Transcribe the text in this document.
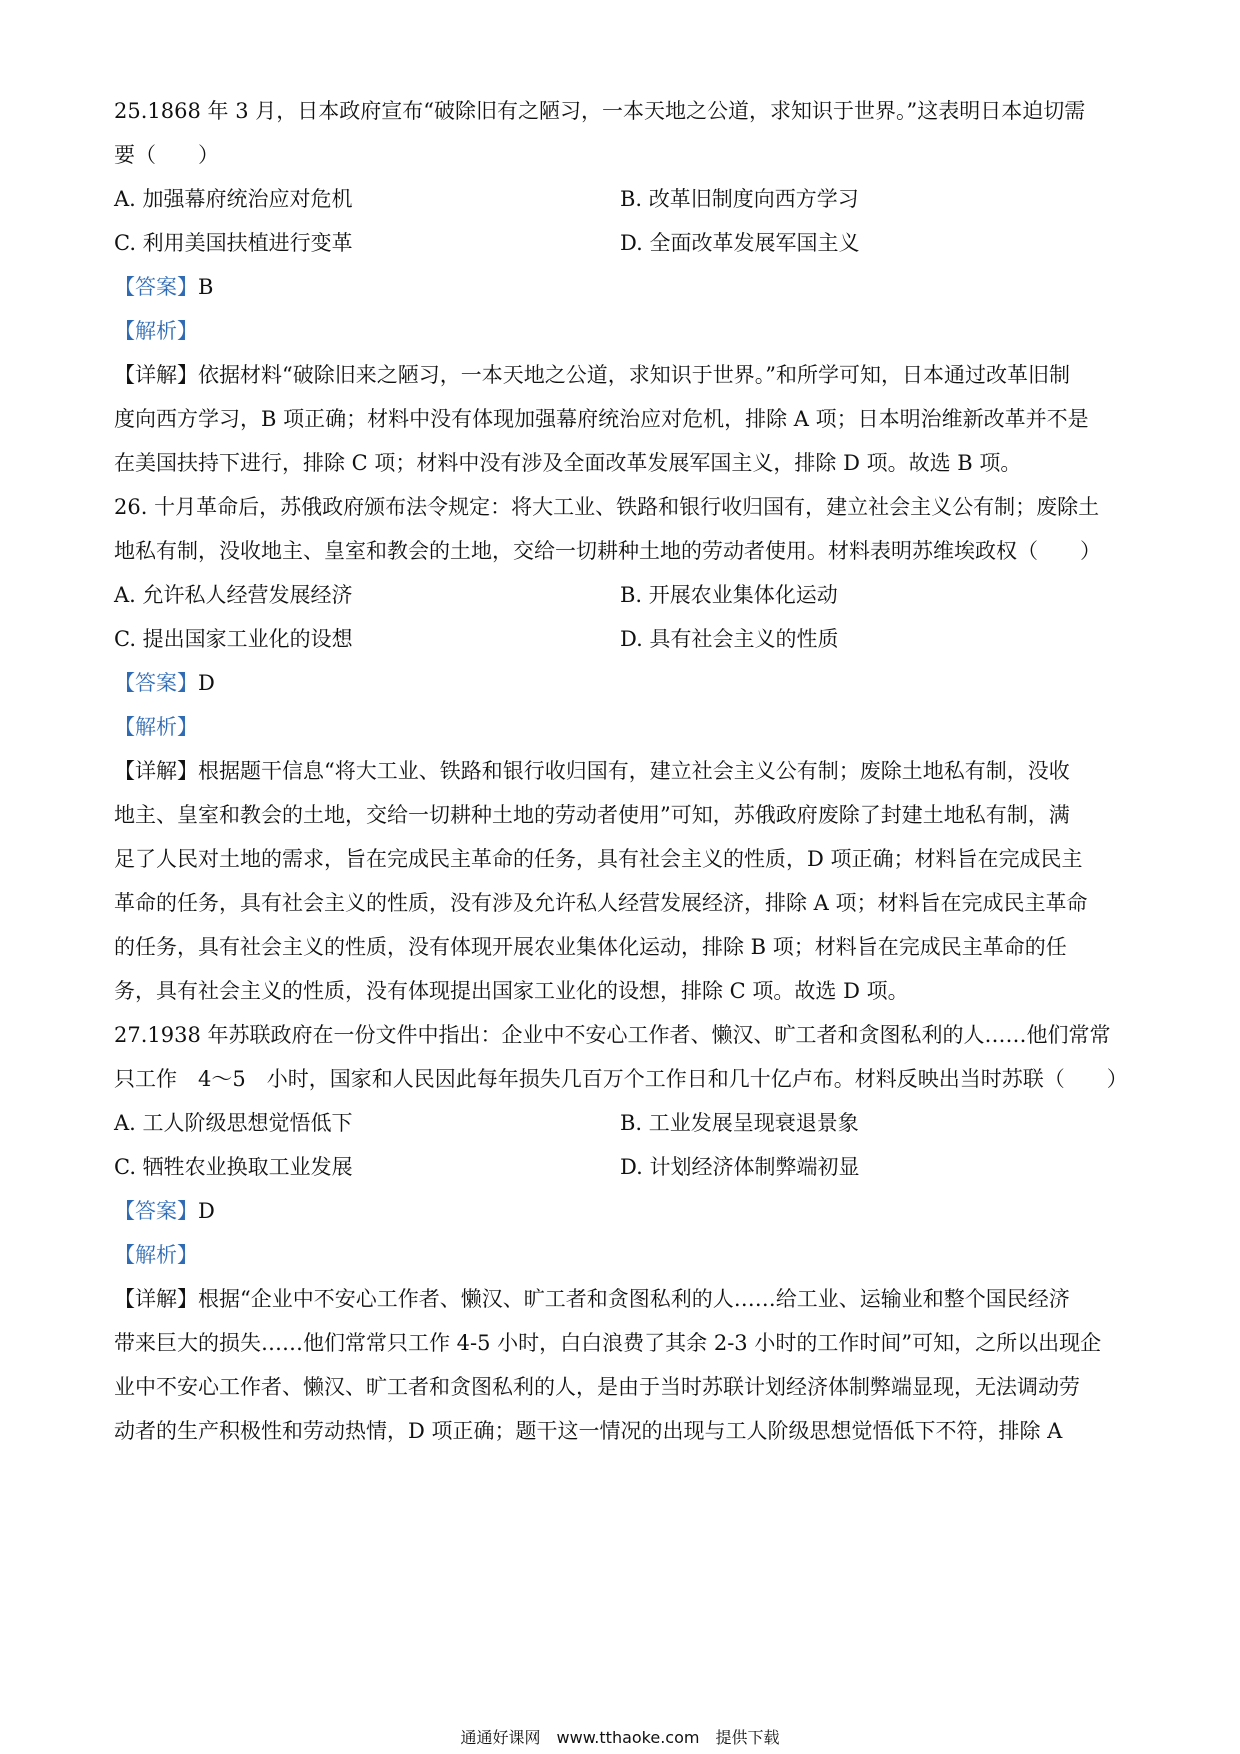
25.1868 年 3 月，日本政府宣布“破除旧有之陋习，一本天地之公道，求知识于世界。”这表明日本迫切需
要（　　）
A. 加强幕府统治应对危机	B. 改革旧制度向西方学习
C. 利用美国扶植进行变革	D. 全面改革发展军国主义
【答案】B
【解析】
【详解】依据材料“破除旧来之陋习，一本天地之公道，求知识于世界。”和所学可知，日本通过改革旧制
度向西方学习，B 项正确；材料中没有体现加强幕府统治应对危机，排除 A 项；日本明治维新改革并不是
在美国扶持下进行，排除 C 项；材料中没有涉及全面改革发展军国主义，排除 D 项。故选 B 项。
26. 十月革命后，苏俄政府颁布法令规定：将大工业、铁路和银行收归国有，建立社会主义公有制；废除土
地私有制，没收地主、皇室和教会的土地，交给一切耕种土地的劳动者使用。材料表明苏维埃政权（　　）
A. 允许私人经营发展经济	B. 开展农业集体化运动
C. 提出国家工业化的设想	D. 具有社会主义的性质
【答案】D
【解析】
【详解】根据题干信息“将大工业、铁路和银行收归国有，建立社会主义公有制；废除土地私有制，没收
地主、皇室和教会的土地，交给一切耕种土地的劳动者使用”可知，苏俄政府废除了封建土地私有制，满
足了人民对土地的需求，旨在完成民主革命的任务，具有社会主义的性质，D 项正确；材料旨在完成民主
革命的任务，具有社会主义的性质，没有涉及允许私人经营发展经济，排除 A 项；材料旨在完成民主革命
的任务，具有社会主义的性质，没有体现开展农业集体化运动，排除 B 项；材料旨在完成民主革命的任
务，具有社会主义的性质，没有体现提出国家工业化的设想，排除 C 项。故选 D 项。
27.1938 年苏联政府在一份文件中指出：企业中不安心工作者、懒汉、旷工者和贪图私利的人……他们常常
只工作　4～5　小时，国家和人民因此每年损失几百万个工作日和几十亿卢布。材料反映出当时苏联（　　）
A. 工人阶级思想觉悟低下	B. 工业发展呈现衰退景象
C. 牺牲农业换取工业发展	D. 计划经济体制弊端初显
【答案】D
【解析】
【详解】根据“企业中不安心工作者、懒汉、旷工者和贪图私利的人……给工业、运输业和整个国民经济
带来巨大的损失……他们常常只工作 4-5 小时，白白浪费了其余 2-3 小时的工作时间”可知，之所以出现企
业中不安心工作者、懒汉、旷工者和贪图私利的人，是由于当时苏联计划经济体制弊端显现，无法调动劳
动者的生产积极性和劳动热情，D 项正确；题干这一情况的出现与工人阶级思想觉悟低下不符，排除 A
通通好课网　www.tthaoke.com　提供下载
